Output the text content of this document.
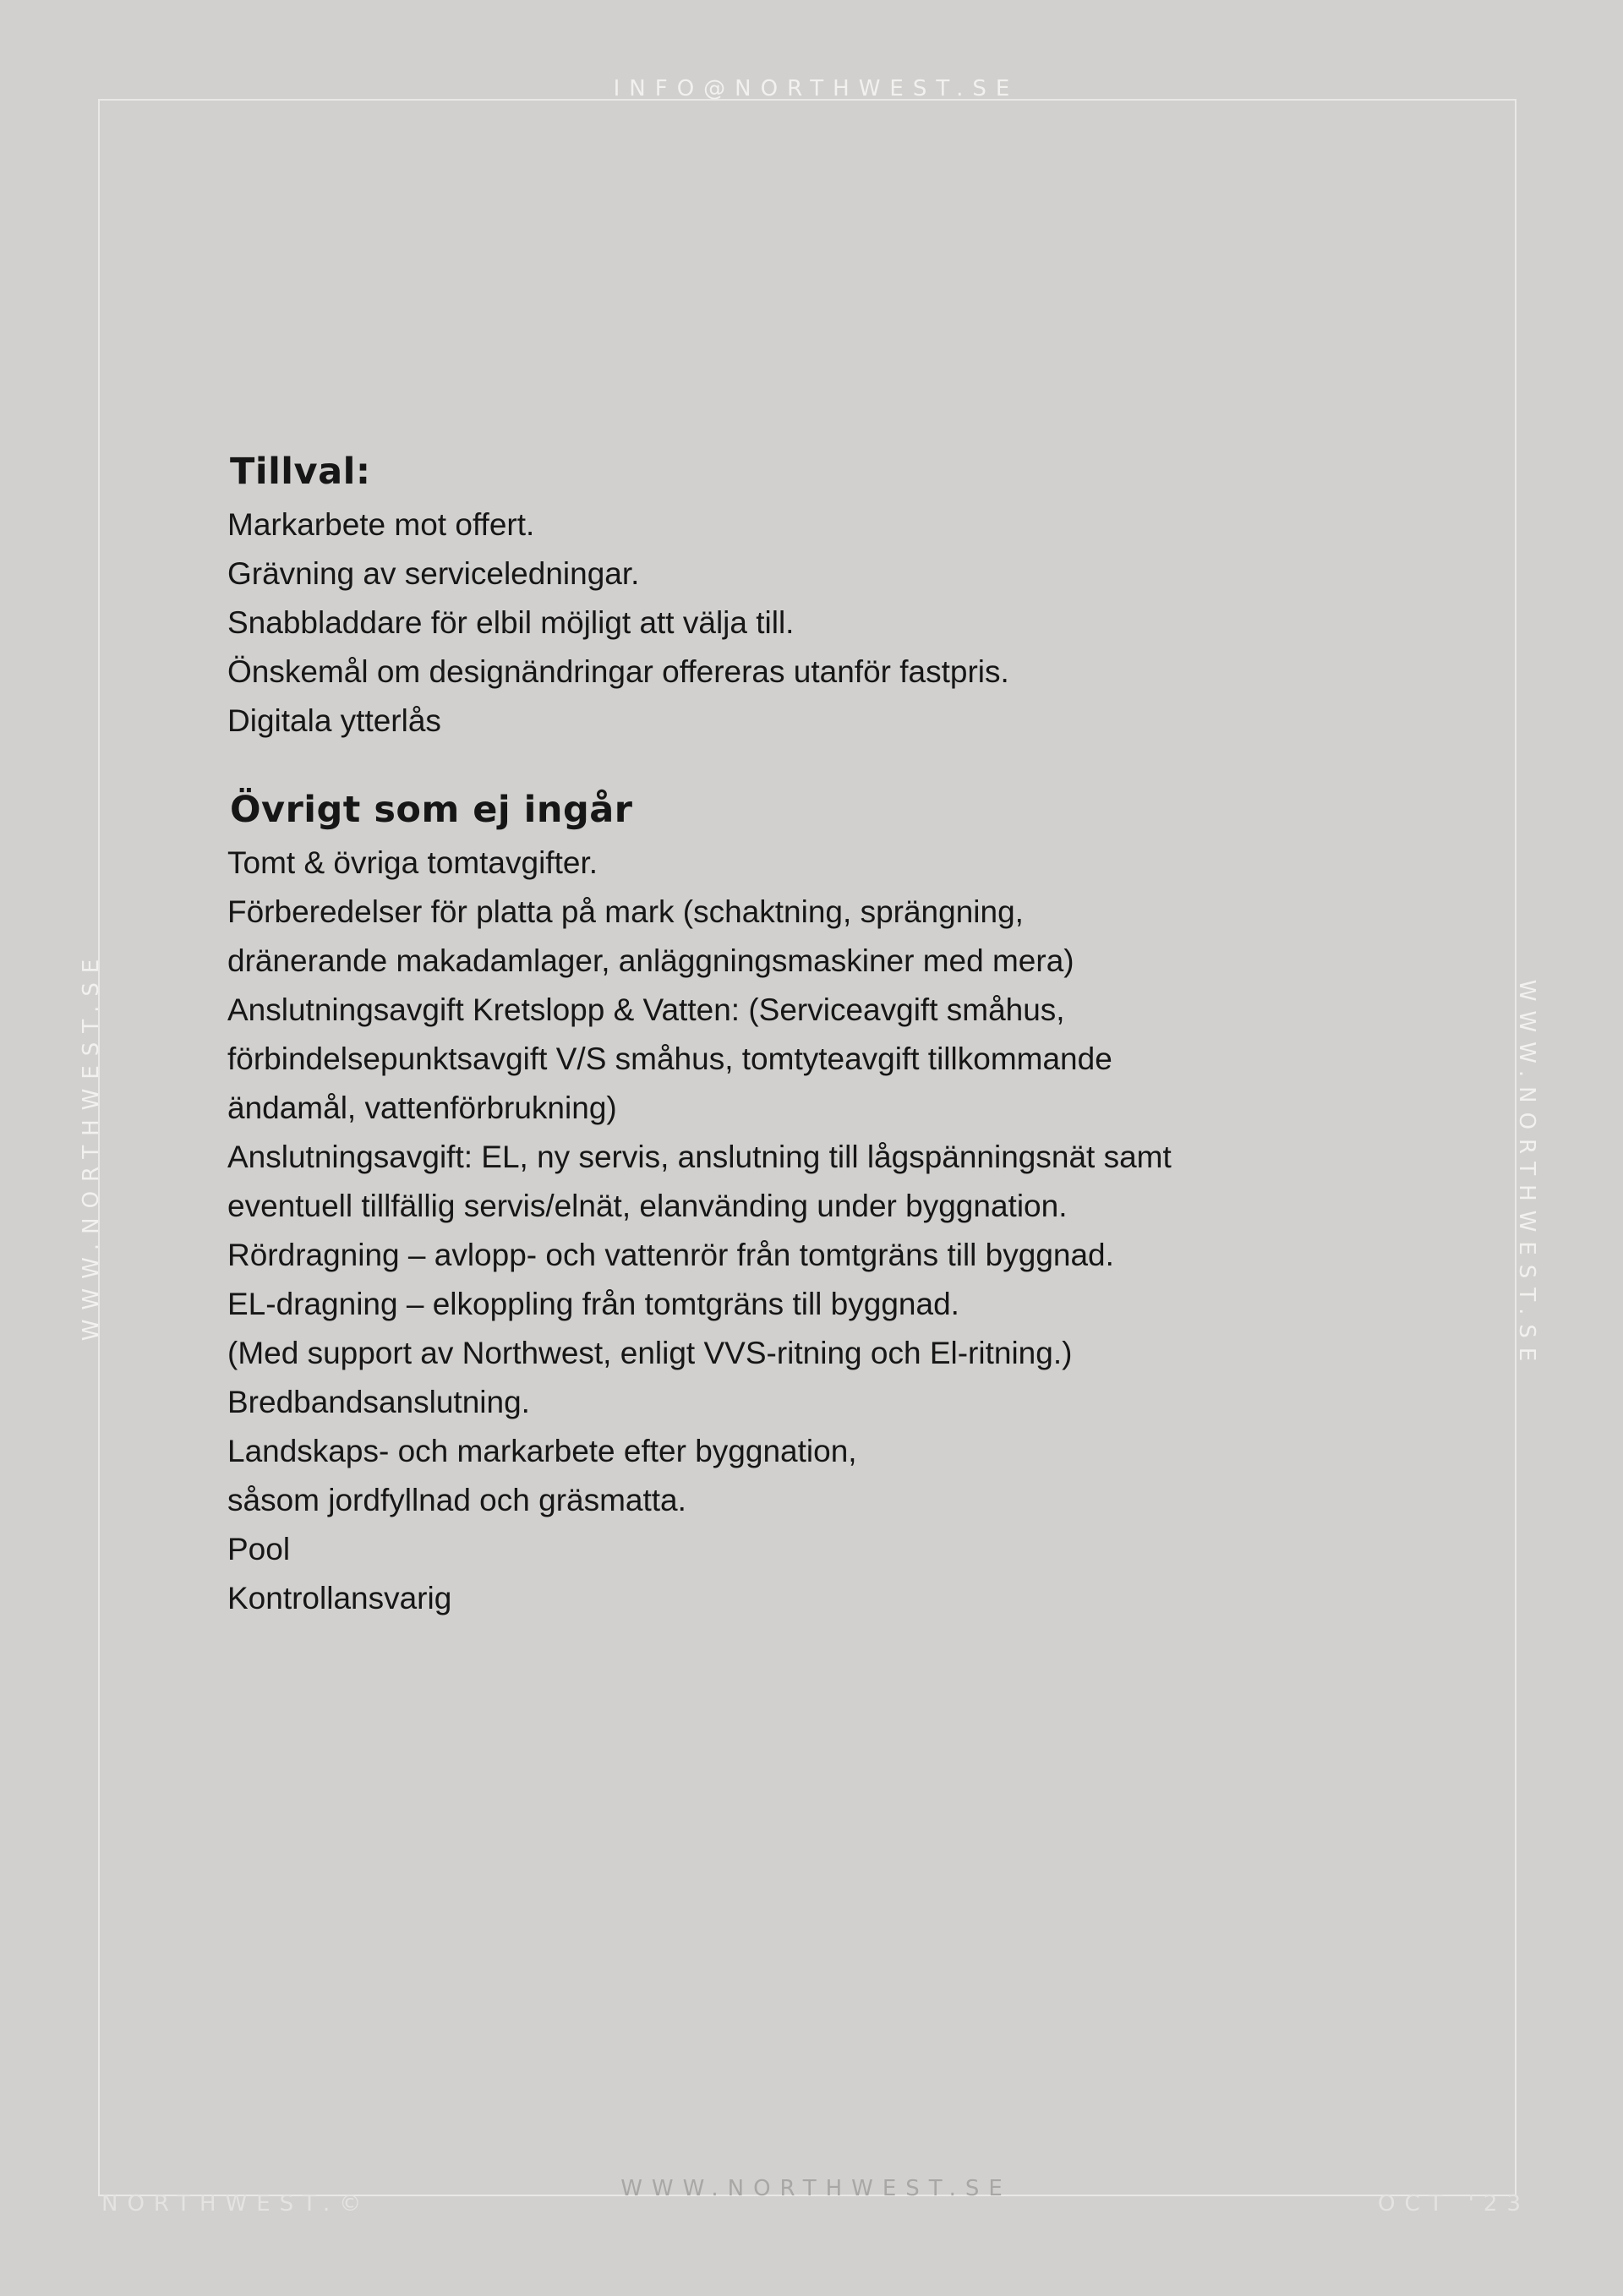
INFO@NORTHWEST.SE
WWW.NORTHWEST.SE	WWW.NORTHWEST.SE
WWW.NORTHWEST.SE
NORTHWEST.©	OCT '23
Tillval:

Markarbete mot offert.

Grävning av serviceledningar.

Snabbladdare för elbil möjligt att välja till.

Önskemål om designändringar offereras utanför fastpris.

Digitala ytterlås

Övrigt som ej ingår

Tomt & övriga tomtavgifter.

Förberedelser för platta på mark (schaktning, sprängning,

dränerande makadamlager, anläggningsmaskiner med mera)

Anslutningsavgift Kretslopp & Vatten: (Serviceavgift småhus,

förbindelsepunktsavgift V/S småhus, tomtyteavgift tillkommande

ändamål, vattenförbrukning)

Anslutningsavgift: EL, ny servis, anslutning till lågspänningsnät samt

eventuell tillfällig servis/elnät, elanvänding under byggnation.

Rördragning – avlopp- och vattenrör från tomtgräns till byggnad.

EL-dragning – elkoppling från tomtgräns till byggnad.

(Med support av Northwest, enligt VVS-ritning och El-ritning.)

Bredbandsanslutning.

Landskaps- och markarbete efter byggnation,

såsom jordfyllnad och gräsmatta.

Pool

Kontrollansvarig
